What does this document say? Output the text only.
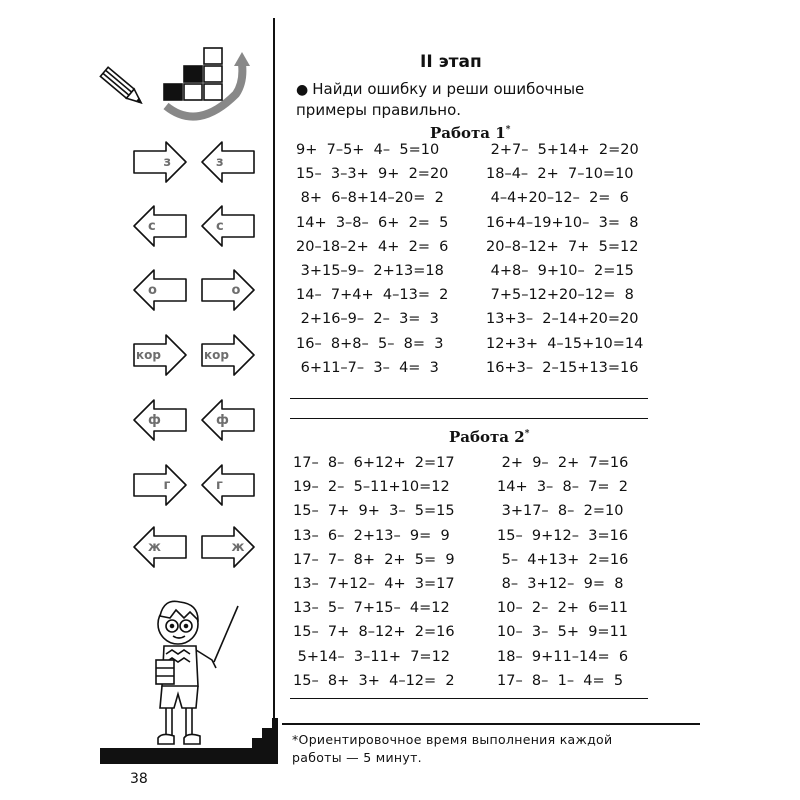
з	з
с	с
о	о
кор	кор
ф	ф
г	г
ж	ж
II этап
● Найди ошибку и реши ошибочные примеры правильно.
Работа 1*
9+  7–5+  4–  5=10
15–  3–3+  9+  2=20
8+  6–8+14–20=  2
14+  3–8–  6+  2=  5
20–18–2+  4+  2=  6
3+15–9–  2+13=18
14–  7+4+  4–13=  2
2+16–9–  2–  3=  3
16–  8+8–  5–  8=  3
6+11–7–  3–  4=  3
2+7–  5+14+  2=20
18–4–  2+  7–10=10
4–4+20–12–  2=  6
16+4–19+10–  3=  8
20–8–12+  7+  5=12
4+8–  9+10–  2=15
7+5–12+20–12=  8
13+3–  2–14+20=20
12+3+  4–15+10=14
16+3–  2–15+13=16
Работа 2*
17–  8–  6+12+  2=17
19–  2–  5–11+10=12
15–  7+  9+  3–  5=15
13–  6–  2+13–  9=  9
17–  7–  8+  2+  5=  9
13–  7+12–  4+  3=17
13–  5–  7+15–  4=12
15–  7+  8–12+  2=16
5+14–  3–11+  7=12
15–  8+  3+  4–12=  2
2+  9–  2+  7=16
14+  3–  8–  7=  2
3+17–  8–  2=10
15–  9+12–  3=16
5–  4+13+  2=16
8–  3+12–  9=  8
10–  2–  2+  6=11
10–  3–  5+  9=11
18–  9+11–14=  6
17–  8–  1–  4=  5
*Ориентировочное время выполнения каждой работы — 5 минут.
38
